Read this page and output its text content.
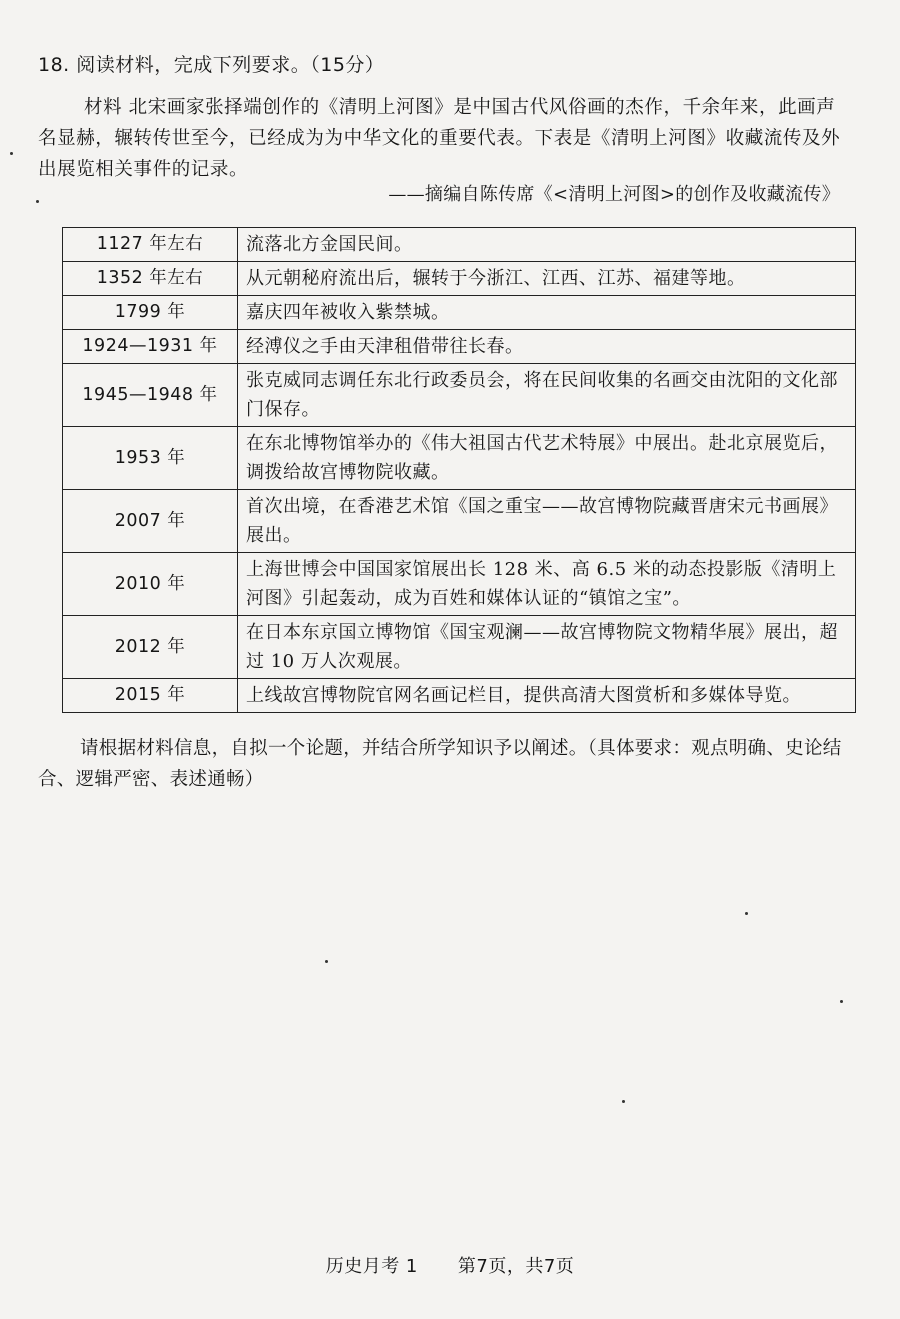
18. 阅读材料，完成下列要求。（15分）
材料 北宋画家张择端创作的《清明上河图》是中国古代风俗画的杰作，千余年来，此画声名显赫，辗转传世至今，已经成为为中华文化的重要代表。下表是《清明上河图》收藏流传及外出展览相关事件的记录。
——摘编自陈传席《<清明上河图>的创作及收藏流传》
1127 年左右	流落北方金国民间。
1352 年左右	从元朝秘府流出后，辗转于今浙江、江西、江苏、福建等地。
1799 年	嘉庆四年被收入紫禁城。
1924—1931 年	经溥仪之手由天津租借带往长春。
1945—1948 年	张克威同志调任东北行政委员会，将在民间收集的名画交由沈阳的文化部门保存。
1953 年	在东北博物馆举办的《伟大祖国古代艺术特展》中展出。赴北京展览后，调拨给故宫博物院收藏。
2007 年	首次出境，在香港艺术馆《国之重宝——故宫博物院藏晋唐宋元书画展》展出。
2010 年	上海世博会中国国家馆展出长 128 米、高 6.5 米的动态投影版《清明上河图》引起轰动，成为百姓和媒体认证的“镇馆之宝”。
2012 年	在日本东京国立博物馆《国宝观澜——故宫博物院文物精华展》展出，超过 10 万人次观展。
2015 年	上线故宫博物院官网名画记栏目，提供高清大图赏析和多媒体导览。
请根据材料信息，自拟一个论题，并结合所学知识予以阐述。（具体要求：观点明确、史论结合、逻辑严密、表述通畅）
历史月考 1 第7页，共7页
